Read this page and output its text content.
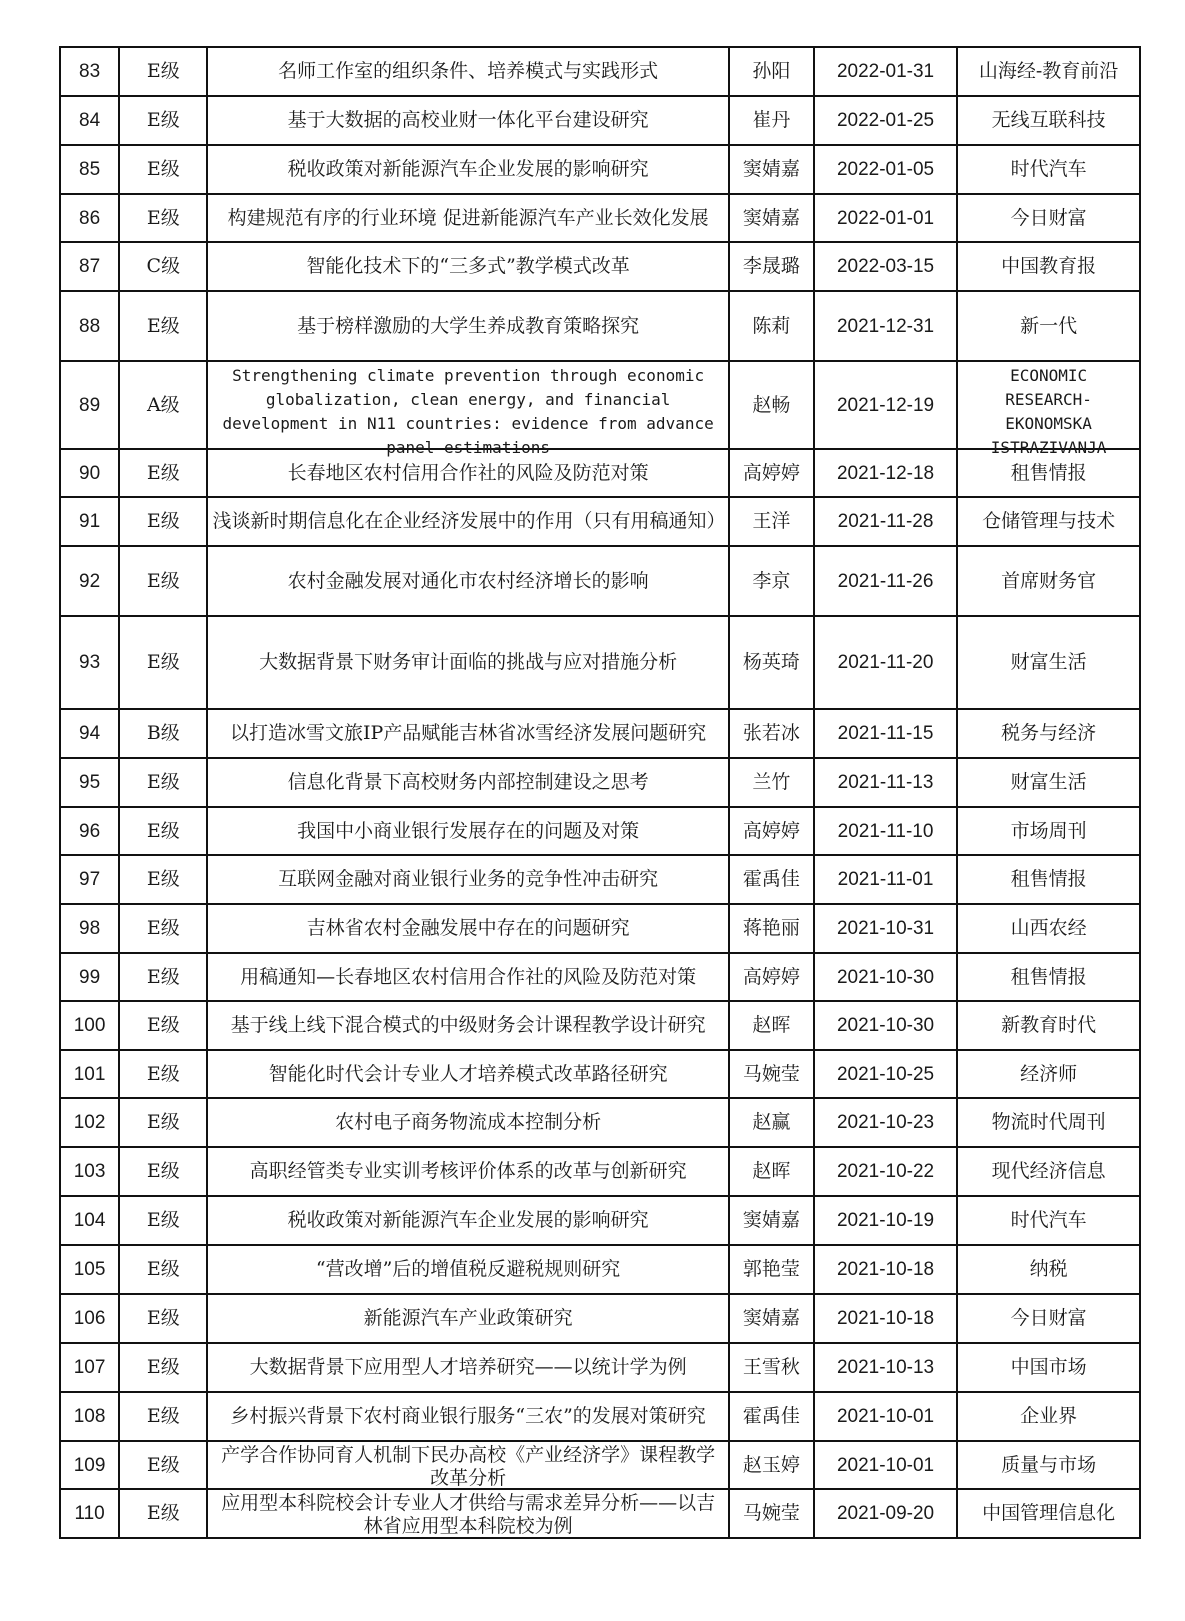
83	E级	名师工作室的组织条件、培养模式与实践形式	孙阳	2022-01-31	山海经-教育前沿

84	E级	基于大数据的高校业财一体化平台建设研究	崔丹	2022-01-25	无线互联科技

85	E级	税收政策对新能源汽车企业发展的影响研究	窦婧嘉	2022-01-05	时代汽车

86	E级	构建规范有序的行业环境 促进新能源汽车产业长效化发展	窦婧嘉	2022-01-01	今日财富

87	C级	智能化技术下的“三多式”教学模式改革	李晟璐	2022-03-15	中国教育报

88	E级	基于榜样激励的大学生养成教育策略探究	陈莉	2021-12-31	新一代

89	A级	Strengthening climate prevention through economic globalization, clean energy, and financial development in N11 countries: evidence from advance panel estimations	赵畅	2021-12-19	ECONOMIC RESEARCH-EKONOMSKA ISTRAZIVANJA

90	E级	长春地区农村信用合作社的风险及防范对策	高婷婷	2021-12-18	租售情报

91	E级	浅谈新时期信息化在企业经济发展中的作用（只有用稿通知）	王洋	2021-11-28	仓储管理与技术

92	E级	农村金融发展对通化市农村经济增长的影响	李京	2021-11-26	首席财务官

93	E级	大数据背景下财务审计面临的挑战与应对措施分析	杨英琦	2021-11-20	财富生活

94	B级	以打造冰雪文旅IP产品赋能吉林省冰雪经济发展问题研究	张若冰	2021-11-15	税务与经济

95	E级	信息化背景下高校财务内部控制建设之思考	兰竹	2021-11-13	财富生活

96	E级	我国中小商业银行发展存在的问题及对策	高婷婷	2021-11-10	市场周刊

97	E级	互联网金融对商业银行业务的竞争性冲击研究	霍禹佳	2021-11-01	租售情报

98	E级	吉林省农村金融发展中存在的问题研究	蒋艳丽	2021-10-31	山西农经

99	E级	用稿通知—长春地区农村信用合作社的风险及防范对策	高婷婷	2021-10-30	租售情报

100	E级	基于线上线下混合模式的中级财务会计课程教学设计研究	赵晖	2021-10-30	新教育时代

101	E级	智能化时代会计专业人才培养模式改革路径研究	马婉莹	2021-10-25	经济师

102	E级	农村电子商务物流成本控制分析	赵赢	2021-10-23	物流时代周刊

103	E级	高职经管类专业实训考核评价体系的改革与创新研究	赵晖	2021-10-22	现代经济信息

104	E级	税收政策对新能源汽车企业发展的影响研究	窦婧嘉	2021-10-19	时代汽车

105	E级	“营改增”后的增值税反避税规则研究	郭艳莹	2021-10-18	纳税

106	E级	新能源汽车产业政策研究	窦婧嘉	2021-10-18	今日财富

107	E级	大数据背景下应用型人才培养研究——以统计学为例	王雪秋	2021-10-13	中国市场

108	E级	乡村振兴背景下农村商业银行服务“三农”的发展对策研究	霍禹佳	2021-10-01	企业界

109	E级	产学合作协同育人机制下民办高校《产业经济学》课程教学改革分析	赵玉婷	2021-10-01	质量与市场

110	E级	应用型本科院校会计专业人才供给与需求差异分析——以吉林省应用型本科院校为例	马婉莹	2021-09-20	中国管理信息化
